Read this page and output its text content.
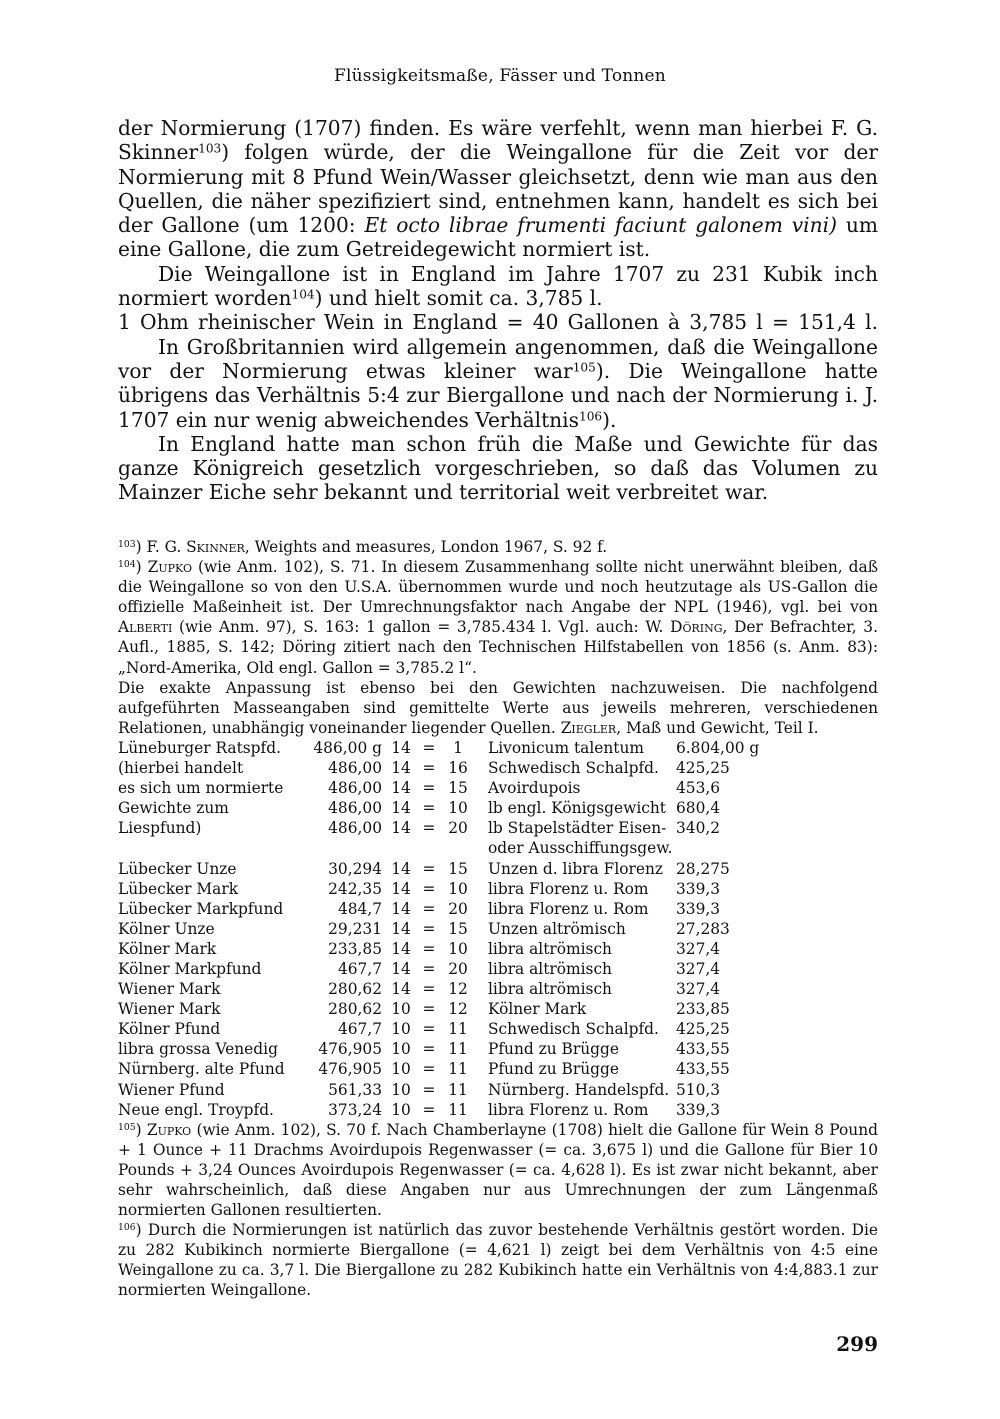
Flüssigkeitsmaße, Fässer und Tonnen

der Normierung (1707) finden. Es wäre verfehlt, wenn man hierbei F. G. Skinner$^{103}$) folgen würde, der die Weingallone für die Zeit vor der Normierung mit 8 Pfund Wein/Wasser gleichsetzt, denn wie man aus den Quellen, die näher spezifiziert sind, entnehmen kann, handelt es sich bei der Gallone (um 1200: Et octo librae frumenti faciunt galonem vini) um eine Gallone, die zum Getreidegewicht normiert ist.

Die Weingallone ist in England im Jahre 1707 zu 231 Kubik inch normiert worden$^{104}$) und hielt somit ca. 3,785 l.

1 Ohm rheinischer Wein in England = 40 Gallonen à 3,785 l = 151,4 l.

In Großbritannien wird allgemein angenommen, daß die Weingallone vor der Normierung etwas kleiner war$^{105}$). Die Weingallone hatte übrigens das Verhältnis 5:4 zur Biergallone und nach der Normierung i. J. 1707 ein nur wenig abweichendes Verhältnis$^{106}$).

In England hatte man schon früh die Maße und Gewichte für das ganze Königreich gesetzlich vorgeschrieben, so daß das Volumen zu Mainzer Eiche sehr bekannt und territorial weit verbreitet war.

$^{103}$) F. G. Skinner, Weights and measures, London 1967, S. 92 f.

$^{104}$) Zupko (wie Anm. 102), S. 71. In diesem Zusammenhang sollte nicht unerwähnt bleiben, daß die Weingallone so von den U.S.A. übernommen wurde und noch heutzutage als US-Gallon die offizielle Maßeinheit ist. Der Umrechnungsfaktor nach Angabe der NPL (1946), vgl. bei von Alberti (wie Anm. 97), S. 163: 1 gallon = 3,785.434 l. Vgl. auch: W. Döring, Der Befrachter, 3. Aufl., 1885, S. 142; Döring zitiert nach den Technischen Hilfstabellen von 1856 (s. Anm. 83): „Nord-Amerika, Old engl. Gallon = 3,785.2 l“.

Die exakte Anpassung ist ebenso bei den Gewichten nachzuweisen. Die nachfolgend aufgeführten Masseangaben sind gemittelte Werte aus jeweils mehreren, verschiedenen Relationen, unabhängig voneinander liegender Quellen. Ziegler, Maß und Gewicht, Teil I.

Lüneburger Ratspfd.	486,00 g 14 =	1	Livonicum talentum 6.804,00 g
(hierbei handelt	486,00 14 = 16 Schwedisch Schalpfd. 425,25
es sich um normierte	486,00 14 = 15 Avoirdupois	453,6
Gewichte zum	486,00 14 = 10 lb engl. Königsgewicht 680,4
Liespfund)	486,00 14 = 20 lb Stapelstädter Eisen- 340,2
oder Ausschiffungsgew.
Lübecker Unze	30,294 14 = 15 Unzen d. libra Florenz 28,275
Lübecker Mark	242,35 14 = 10 libra Florenz u. Rom 339,3
Lübecker Markpfund	484,7 14 = 20 libra Florenz u. Rom 339,3
Kölner Unze	29,231 14 = 15 Unzen altrömisch	27,283
Kölner Mark	233,85 14 = 10 libra altrömisch	327,4
Kölner Markpfund	467,7 14 = 20 libra altrömisch	327,4
Wiener Mark	280,62 14 = 12 libra altrömisch	327,4
Wiener Mark	280,62 10 = 12 Kölner Mark	233,85
Kölner Pfund	467,7 10 = 11 Schwedisch Schalpfd. 425,25
libra grossa Venedig	476,905 10 = 11 Pfund zu Brügge	433,55
Nürnberg. alte Pfund	476,905 10 = 11 Pfund zu Brügge	433,55
Wiener Pfund	561,33 10 = 11 Nürnberg. Handelspfd. 510,3
Neue engl. Troypfd.	373,24 10 = 11 libra Florenz u. Rom 339,3

$^{105}$) Zupko (wie Anm. 102), S. 70 f. Nach Chamberlayne (1708) hielt die Gallone für Wein 8 Pound + 1 Ounce + 11 Drachms Avoirdupois Regenwasser (= ca. 3,675 l) und die Gallone für Bier 10 Pounds + 3,24 Ounces Avoirdupois Regenwasser (= ca. 4,628 l). Es ist zwar nicht bekannt, aber sehr wahrscheinlich, daß diese Angaben nur aus Umrechnungen der zum Längenmaß normierten Gallonen resultierten.

$^{106}$) Durch die Normierungen ist natürlich das zuvor bestehende Verhältnis gestört worden. Die zu 282 Kubikinch normierte Biergallone (= 4,621 l) zeigt bei dem Verhältnis von 4:5 eine Weingallone zu ca. 3,7 l. Die Biergallone zu 282 Kubikinch hatte ein Verhältnis von 4:4,883.1 zur normierten Weingallone.

299
